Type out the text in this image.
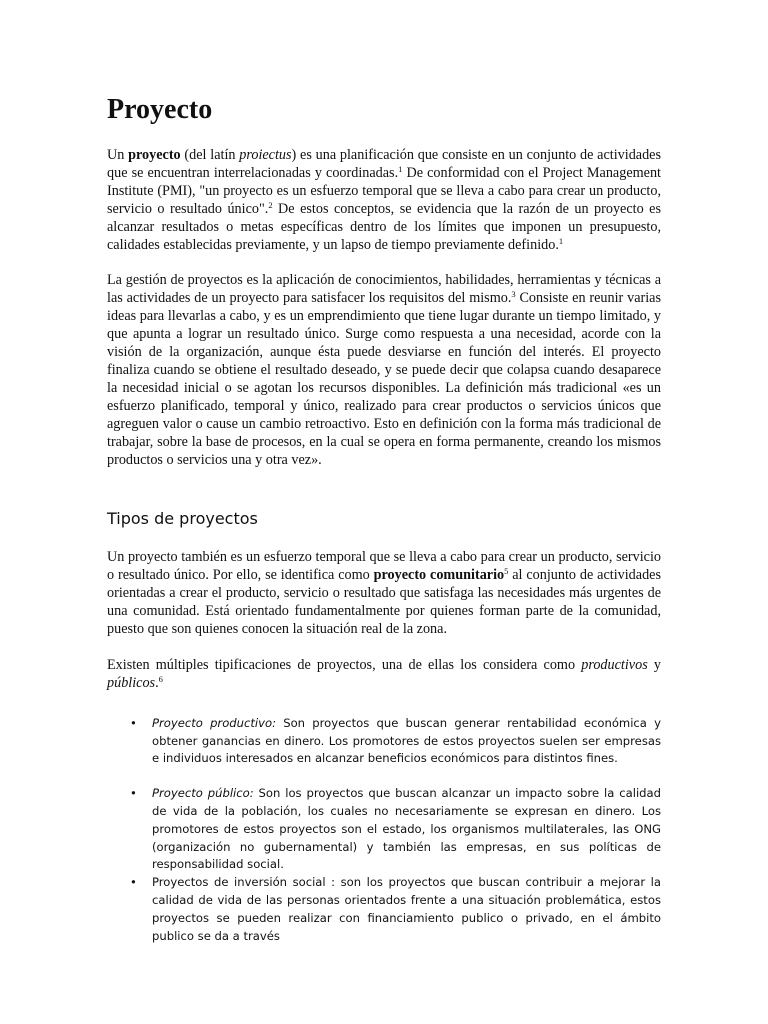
Proyecto

Un proyecto (del latín proiectus) es una planificación que consiste en un conjunto de actividades que se encuentran interrelacionadas y coordinadas.$^1$ De conformidad con el Project Management Institute (PMI), "un proyecto es un esfuerzo temporal que se lleva a cabo para crear un producto, servicio o resultado único".$^2$ De estos conceptos, se evidencia que la razón de un proyecto es alcanzar resultados o metas específicas dentro de los límites que imponen un presupuesto, calidades establecidas previamente, y un lapso de tiempo previamente definido.$^1$

La gestión de proyectos es la aplicación de conocimientos, habilidades, herramientas y técnicas a las actividades de un proyecto para satisfacer los requisitos del mismo.$^3$ Consiste en reunir varias ideas para llevarlas a cabo, y es un emprendimiento que tiene lugar durante un tiempo limitado, y que apunta a lograr un resultado único. Surge como respuesta a una necesidad, acorde con la visión de la organización, aunque ésta puede desviarse en función del interés. El proyecto finaliza cuando se obtiene el resultado deseado, y se puede decir que colapsa cuando desaparece la necesidad inicial o se agotan los recursos disponibles. La definición más tradicional «es un esfuerzo planificado, temporal y único, realizado para crear productos o servicios únicos que agreguen valor o cause un cambio retroactivo. Esto en definición con la forma más tradicional de trabajar, sobre la base de procesos, en la cual se opera en forma permanente, creando los mismos productos o servicios una y otra vez».

Tipos de proyectos

Un proyecto también es un esfuerzo temporal que se lleva a cabo para crear un producto, servicio o resultado único. Por ello, se identifica como proyecto comunitario$^5$ al conjunto de actividades orientadas a crear el producto, servicio o resultado que satisfaga las necesidades más urgentes de una comunidad. Está orientado fundamentalmente por quienes forman parte de la comunidad, puesto que son quienes conocen la situación real de la zona.

Existen múltiples tipificaciones de proyectos, una de ellas los considera como productivos y públicos.$^6$

• Proyecto productivo: Son proyectos que buscan generar rentabilidad económica y obtener ganancias en dinero. Los promotores de estos proyectos suelen ser empresas e individuos interesados en alcanzar beneficios económicos para distintos fines.
• Proyecto público: Son los proyectos que buscan alcanzar un impacto sobre la calidad de vida de la población, los cuales no necesariamente se expresan en dinero. Los promotores de estos proyectos son el estado, los organismos multilaterales, las ONG (organización no gubernamental) y también las empresas, en sus políticas de responsabilidad social.
• Proyectos de inversión social : son los proyectos que buscan contribuir a mejorar la calidad de vida de las personas orientados frente a una situación problemática, estos proyectos se pueden realizar con financiamiento publico o privado, en el ámbito publico se da a través
